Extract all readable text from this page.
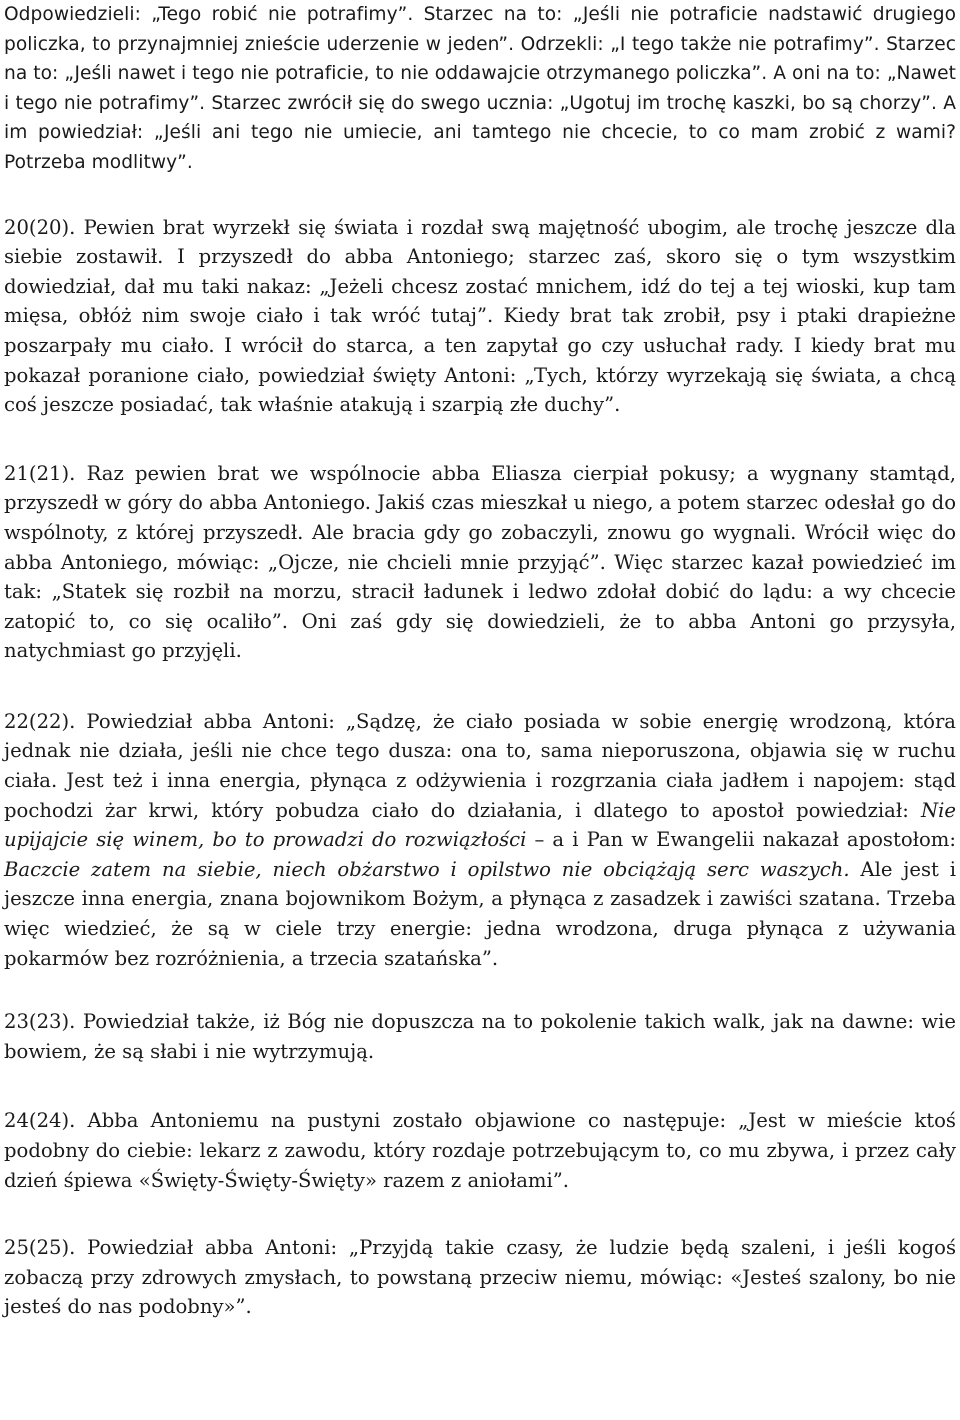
Odpowiedzieli: „Tego robić nie potrafimy”. Starzec na to: „Jeśli nie potraficie nadstawić drugiego policzka, to przynajmniej znieście uderzenie w jeden”. Odrzekli: „I tego także nie potrafimy”. Starzec na to: „Jeśli nawet i tego nie potraficie, to nie oddawajcie otrzymanego policzka”. A oni na to: „Nawet i tego nie potrafimy”. Starzec zwrócił się do swego ucznia: „Ugotuj im trochę kaszki, bo są chorzy”. A im powiedział: „Jeśli ani tego nie umiecie, ani tamtego nie chcecie, to co mam zrobić z wami? Potrzeba modlitwy”.

20(20). Pewien brat wyrzekł się świata i rozdał swą majętność ubogim, ale trochę jeszcze dla siebie zostawił. I przyszedł do abba Antoniego; starzec zaś, skoro się o tym wszystkim dowiedział, dał mu taki nakaz: „Jeżeli chcesz zostać mnichem, idź do tej a tej wioski, kup tam mięsa, obłóż nim swoje ciało i tak wróć tutaj”. Kiedy brat tak zrobił, psy i ptaki drapieżne poszarpały mu ciało. I wrócił do starca, a ten zapytał go czy usłuchał rady. I kiedy brat mu pokazał poranione ciało, powiedział święty Antoni: „Tych, którzy wyrzekają się świata, a chcą coś jeszcze posiadać, tak właśnie atakują i szarpią złe duchy”.

21(21). Raz pewien brat we wspólnocie abba Eliasza cierpiał pokusy; a wygnany stamtąd, przyszedł w góry do abba Antoniego. Jakiś czas mieszkał u niego, a potem starzec odesłał go do wspólnoty, z której przyszedł. Ale bracia gdy go zobaczyli, znowu go wygnali. Wrócił więc do abba Antoniego, mówiąc: „Ojcze, nie chcieli mnie przyjąć”. Więc starzec kazał powiedzieć im tak: „Statek się rozbił na morzu, stracił ładunek i ledwo zdołał dobić do lądu: a wy chcecie zatopić to, co się ocaliło”. Oni zaś gdy się dowiedzieli, że to abba Antoni go przysyła, natychmiast go przyjęli.

22(22). Powiedział abba Antoni: „Sądzę, że ciało posiada w sobie energię wrodzoną, która jednak nie działa, jeśli nie chce tego dusza: ona to, sama nieporuszona, objawia się w ruchu ciała. Jest też i inna energia, płynąca z odżywienia i rozgrzania ciała jadłem i napojem: stąd pochodzi żar krwi, który pobudza ciało do działania, i dlatego to apostoł powiedział: Nie upijajcie się winem, bo to prowadzi do rozwiązłości – a i Pan w Ewangelii nakazał apostołom: Baczcie zatem na siebie, niech obżarstwo i opilstwo nie obciążają serc waszych. Ale jest i jeszcze inna energia, znana bojownikom Bożym, a płynąca z zasadzek i zawiści szatana. Trzeba więc wiedzieć, że są w ciele trzy energie: jedna wrodzona, druga płynąca z używania pokarmów bez rozróżnienia, a trzecia szatańska”.

23(23). Powiedział także, iż Bóg nie dopuszcza na to pokolenie takich walk, jak na dawne: wie bowiem, że są słabi i nie wytrzymują.

24(24). Abba Antoniemu na pustyni zostało objawione co następuje: „Jest w mieście ktoś podobny do ciebie: lekarz z zawodu, który rozdaje potrzebującym to, co mu zbywa, i przez cały dzień śpiewa «Święty-Święty-Święty» razem z aniołami”.

25(25). Powiedział abba Antoni: „Przyjdą takie czasy, że ludzie będą szaleni, i jeśli kogoś zobaczą przy zdrowych zmysłach, to powstaną przeciw niemu, mówiąc: «Jesteś szalony, bo nie jesteś do nas podobny»”.
